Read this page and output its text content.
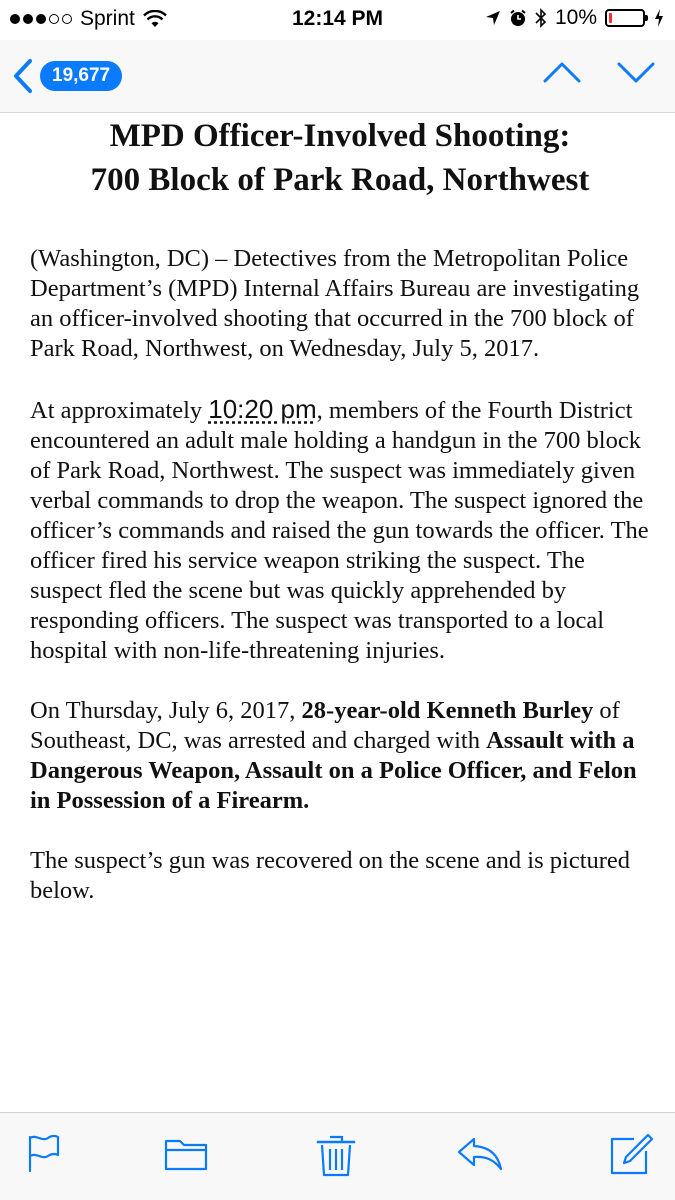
Sprint	12:14 PM	10%
19,677
MPD Officer-Involved Shooting:
700 Block of Park Road, Northwest

(Washington, DC) – Detectives from the Metropolitan Police Department’s (MPD) Internal Affairs Bureau are investigating an officer-involved shooting that occurred in the 700 block of Park Road, Northwest, on Wednesday, July 5, 2017.

At approximately 10:20 pm, members of the Fourth District encountered an adult male holding a handgun in the 700 block of Park Road, Northwest. The suspect was immediately given verbal commands to drop the weapon. The suspect ignored the officer’s commands and raised the gun towards the officer. The officer fired his service weapon striking the suspect. The suspect fled the scene but was quickly apprehended by responding officers. The suspect was transported to a local hospital with non-life-threatening injuries.

On Thursday, July 6, 2017, 28-year-old Kenneth Burley of Southeast, DC, was arrested and charged with Assault with a Dangerous Weapon, Assault on a Police Officer, and Felon in Possession of a Firearm.

The suspect’s gun was recovered on the scene and is pictured below.
